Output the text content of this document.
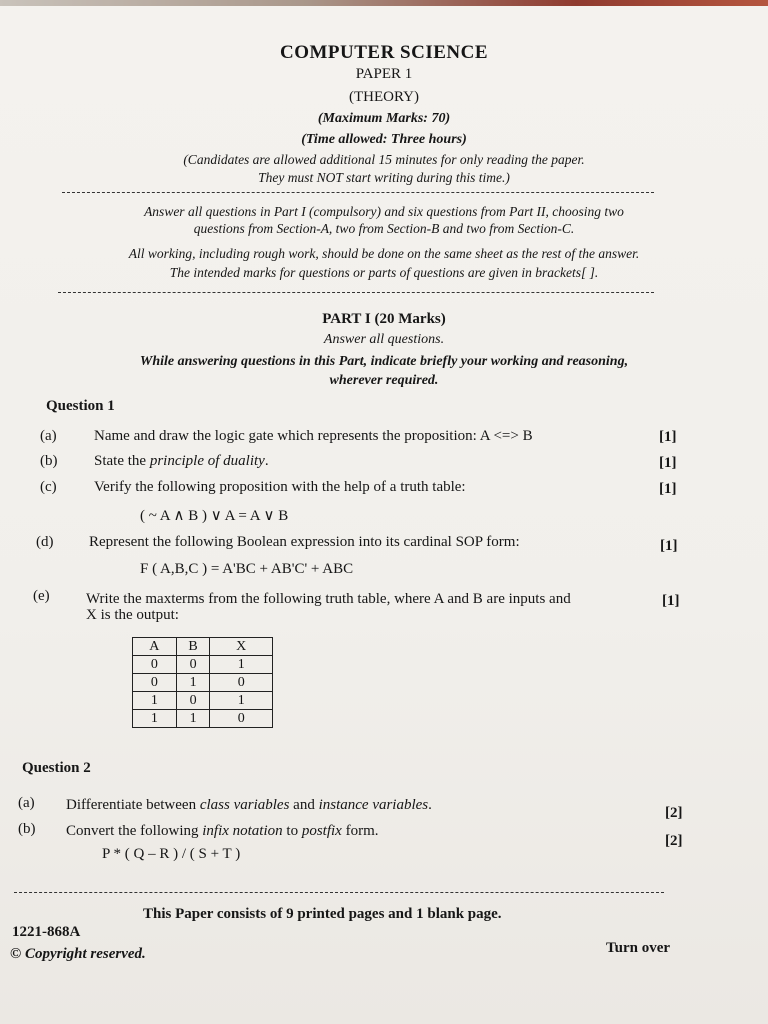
COMPUTER SCIENCE
PAPER 1
(THEORY)
(Maximum Marks: 70)
(Time allowed: Three hours)
(Candidates are allowed additional 15 minutes for only reading the paper.
They must NOT start writing during this time.)
Answer all questions in Part I (compulsory) and six questions from Part II, choosing two
questions from Section-A, two from Section-B and two from Section-C.
All working, including rough work, should be done on the same sheet as the rest of the answer.
The intended marks for questions or parts of questions are given in brackets[ ].
PART I (20 Marks)
Answer all questions.
While answering questions in this Part, indicate briefly your working and reasoning,
wherever required.
Question 1
(a) Name and draw the logic gate which represents the proposition: A <=> B	[1]
(b) State the principle of duality.	[1]
(c) Verify the following proposition with the help of a truth table:	[1]
( ~ A ∧ B ) ∨ A = A ∨ B
(d) Represent the following Boolean expression into its cardinal SOP form:	[1]
F ( A,B,C ) = A'BC + AB'C' + ABC
(e) Write the maxterms from the following truth table, where A and B are inputs and
X is the output:
[1]
A	B	X
0	0	1
0	1	0
1	0	1
1	1	0
Question 2
(a) Differentiate between class variables and instance variables.	[2]
(b) Convert the following infix notation to postfix form.
[2]
P * ( Q – R ) / ( S + T )
This Paper consists of 9 printed pages and 1 blank page.
1221-868A
© Copyright reserved.	Turn over
